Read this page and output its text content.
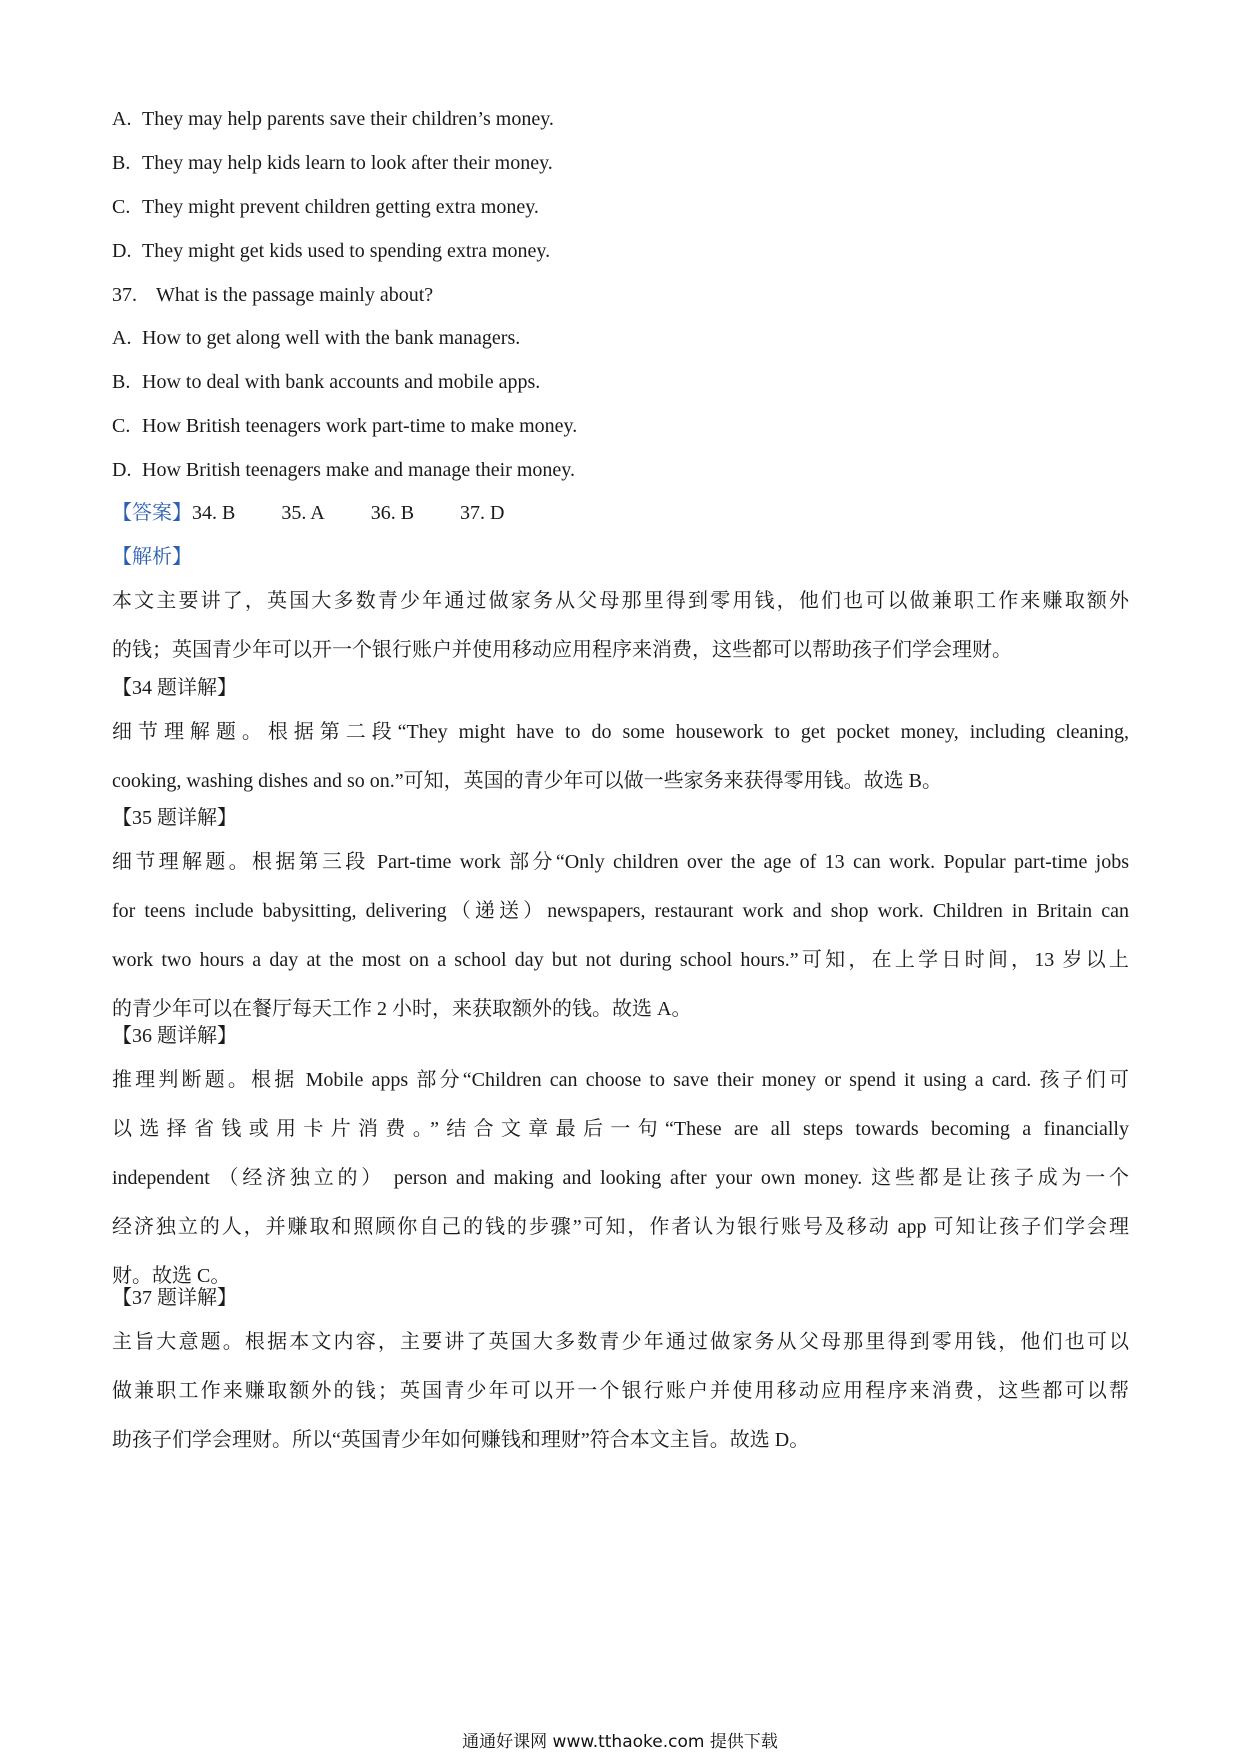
A. They may help parents save their children’s money.
B. They may help kids learn to look after their money.
C. They might prevent children getting extra money.
D. They might get kids used to spending extra money.
37. What is the passage mainly about?
A. How to get along well with the bank managers.
B. How to deal with bank accounts and mobile apps.
C. How British teenagers work part-time to make money.
D. How British teenagers make and manage their money.
【答案】34. B 35. A 36. B 37. D
【解析】
本文主要讲了，英国大多数青少年通过做家务从父母那里得到零用钱，他们也可以做兼职工作来赚取额外
的钱；英国青少年可以开一个银行账户并使用移动应用程序来消费，这些都可以帮助孩子们学会理财。
【34 题详解】
细节理解题。根据第二段“They might have to do some housework to get pocket money, including cleaning,
cooking, washing dishes and so on.”可知，英国的青少年可以做一些家务来获得零用钱。故选 B。
【35 题详解】
细节理解题。根据第三段 Part-time work 部分“Only children over the age of 13 can work. Popular part-time jobs
for teens include babysitting, delivering（递送）newspapers, restaurant work and shop work. Children in Britain can
work two hours a day at the most on a school day but not during school hours.”可知，在上学日时间，13 岁以上
的青少年可以在餐厅每天工作 2 小时，来获取额外的钱。故选 A。
【36 题详解】
推理判断题。根据 Mobile apps 部分“Children can choose to save their money or spend it using a card. 孩子们可
以选择省钱或用卡片消费。”结合文章最后一句“These are all steps towards becoming a financially
independent （经济独立的） person and making and looking after your own money. 这些都是让孩子成为一个
经济独立的人，并赚取和照顾你自己的钱的步骤”可知，作者认为银行账号及移动 app 可知让孩子们学会理
财。故选 C。
【37 题详解】
主旨大意题。根据本文内容，主要讲了英国大多数青少年通过做家务从父母那里得到零用钱，他们也可以
做兼职工作来赚取额外的钱；英国青少年可以开一个银行账户并使用移动应用程序来消费，这些都可以帮
助孩子们学会理财。所以“英国青少年如何赚钱和理财”符合本文主旨。故选 D。
通通好课网 www.tthaoke.com 提供下载
